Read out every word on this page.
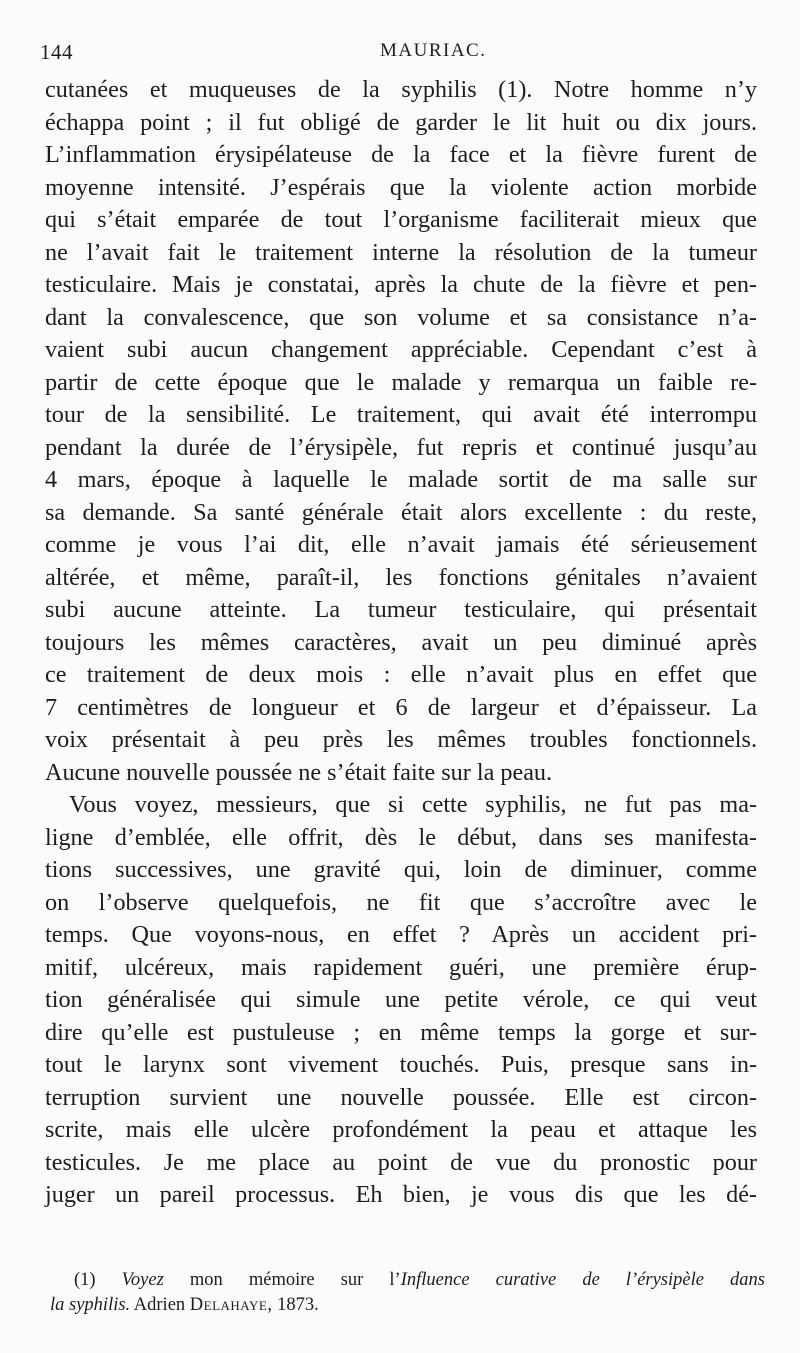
144	MAURIAC.
cutanées et muqueuses de la syphilis (1). Notre homme n’y
échappa point ; il fut obligé de garder le lit huit ou dix jours.
L’inflammation érysipélateuse de la face et la fièvre furent de
moyenne intensité. J’espérais que la violente action morbide
qui s’était emparée de tout l’organisme faciliterait mieux que
ne l’avait fait le traitement interne la résolution de la tumeur
testiculaire. Mais je constatai, après la chute de la fièvre et pen-
dant la convalescence, que son volume et sa consistance n’a-
vaient subi aucun changement appréciable. Cependant c’est à
partir de cette époque que le malade y remarqua un faible re-
tour de la sensibilité. Le traitement, qui avait été interrompu
pendant la durée de l’érysipèle, fut repris et continué jusqu’au
4 mars, époque à laquelle le malade sortit de ma salle sur
sa demande. Sa santé générale était alors excellente : du reste,
comme je vous l’ai dit, elle n’avait jamais été sérieusement
altérée, et même, paraît-il, les fonctions génitales n’avaient
subi aucune atteinte. La tumeur testiculaire, qui présentait
toujours les mêmes caractères, avait un peu diminué après
ce traitement de deux mois : elle n’avait plus en effet que
7 centimètres de longueur et 6 de largeur et d’épaisseur. La
voix présentait à peu près les mêmes troubles fonctionnels.
Aucune nouvelle poussée ne s’était faite sur la peau.
Vous voyez, messieurs, que si cette syphilis, ne fut pas ma-
ligne d’emblée, elle offrit, dès le début, dans ses manifesta-
tions successives, une gravité qui, loin de diminuer, comme
on l’observe quelquefois, ne fit que s’accroître avec le
temps. Que voyons-nous, en effet ? Après un accident pri-
mitif, ulcéreux, mais rapidement guéri, une première érup-
tion généralisée qui simule une petite vérole, ce qui veut
dire qu’elle est pustuleuse ; en même temps la gorge et sur-
tout le larynx sont vivement touchés. Puis, presque sans in-
terruption survient une nouvelle poussée. Elle est circon-
scrite, mais elle ulcère profondément la peau et attaque les
testicules. Je me place au point de vue du pronostic pour
juger un pareil processus. Eh bien, je vous dis que les dé-
(1) Voyez mon mémoire sur l’Influence curative de l’érysipèle dans
la syphilis. Adrien Delahaye, 1873.
